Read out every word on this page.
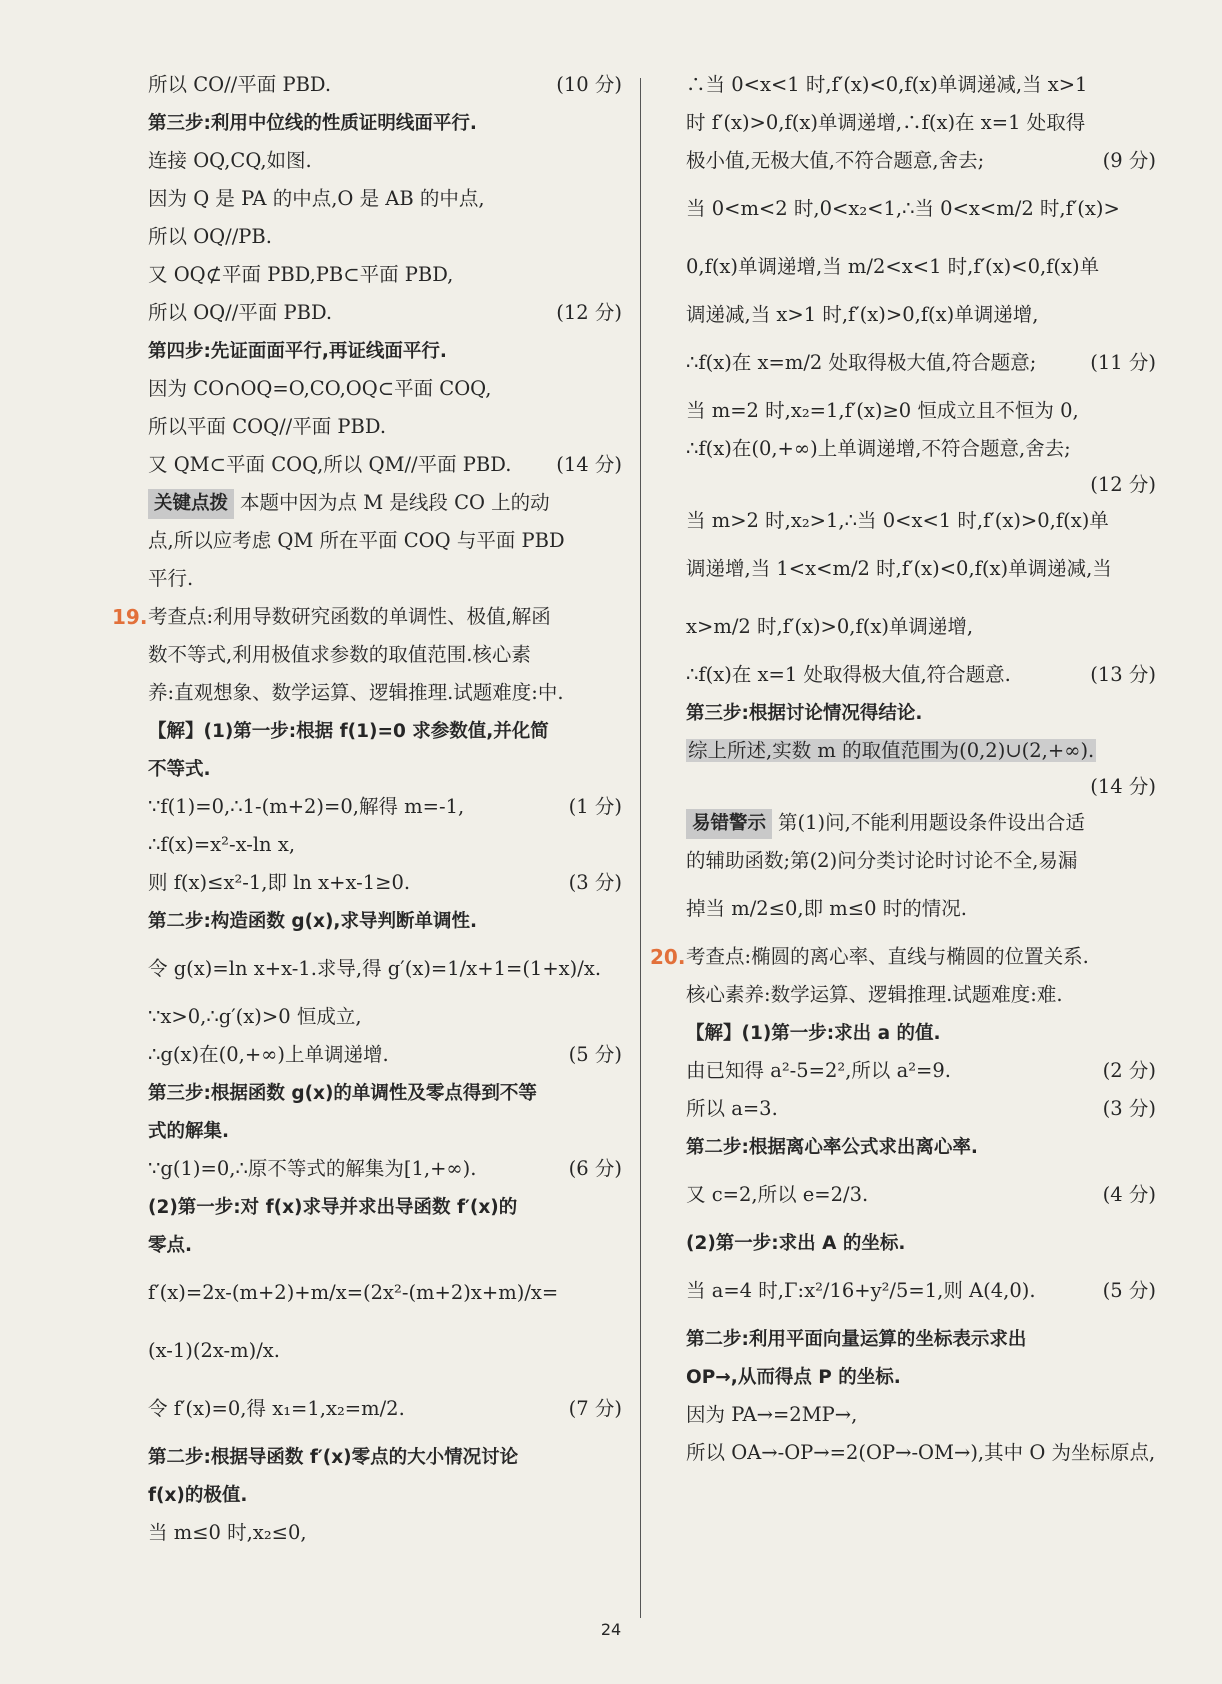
所以 CO//平面 PBD.	(10 分)
第三步:利用中位线的性质证明线面平行.
连接 OQ,CQ,如图.
因为 Q 是 PA 的中点,O 是 AB 的中点,
所以 OQ//PB.
又 OQ⊄平面 PBD,PB⊂平面 PBD,
所以 OQ//平面 PBD.	(12 分)
第四步:先证面面平行,再证线面平行.
因为 CO∩OQ=O,CO,OQ⊂平面 COQ,
所以平面 COQ//平面 PBD.
又 QM⊂平面 COQ,所以 QM//平面 PBD. (14 分)
关键点拨 本题中因为点 M 是线段 CO 上的动
点,所以应考虑 QM 所在平面 COQ 与平面 PBD
平行.
19. 考查点:利用导数研究函数的单调性、极值,解函
数不等式,利用极值求参数的取值范围.核心素
养:直观想象、数学运算、逻辑推理.试题难度:中.
【解】(1)第一步:根据 f(1)=0 求参数值,并化简
不等式.
∵f(1)=0,∴1-(m+2)=0,解得 m=-1,	(1 分)
∴f(x)=x²-x-ln x,
则 f(x)≤x²-1,即 ln x+x-1≥0.	(3 分)
第二步:构造函数 g(x),求导判断单调性.
令 g(x)=ln x+x-1.求导,得 g′(x)=1/x+1=(1+x)/x.
∵x>0,∴g′(x)>0 恒成立,
∴g(x)在(0,+∞)上单调递增.	(5 分)
第三步:根据函数 g(x)的单调性及零点得到不等
式的解集.
∵g(1)=0,∴原不等式的解集为[1,+∞).	(6 分)
(2)第一步:对 f(x)求导并求出导函数 f′(x)的
零点.
f′(x)=2x-(m+2)+m/x=(2x²-(m+2)x+m)/x=
(x-1)(2x-m)/x.
令 f′(x)=0,得 x₁=1,x₂=m/2.	(7 分)
第二步:根据导函数 f′(x)零点的大小情况讨论
f(x)的极值.
当 m≤0 时,x₂≤0,
∴当 0<x<1 时,f′(x)<0,f(x)单调递减,当 x>1
时 f′(x)>0,f(x)单调递增,∴f(x)在 x=1 处取得
极小值,无极大值,不符合题意,舍去;	(9 分)
当 0<m<2 时,0<x₂<1,∴当 0<x<m/2 时,f′(x)>
0,f(x)单调递增,当 m/2<x<1 时,f′(x)<0,f(x)单
调递减,当 x>1 时,f′(x)>0,f(x)单调递增,
∴f(x)在 x=m/2 处取得极大值,符合题意;	(11 分)
当 m=2 时,x₂=1,f′(x)≥0 恒成立且不恒为 0,
∴f(x)在(0,+∞)上单调递增,不符合题意,舍去;
(12 分)
当 m>2 时,x₂>1,∴当 0<x<1 时,f′(x)>0,f(x)单
调递增,当 1<x<m/2 时,f′(x)<0,f(x)单调递减,当
x>m/2 时,f′(x)>0,f(x)单调递增,
∴f(x)在 x=1 处取得极大值,符合题意.	(13 分)
第三步:根据讨论情况得结论.
综上所述,实数 m 的取值范围为(0,2)∪(2,+∞).
(14 分)
易错警示 第(1)问,不能利用题设条件设出合适
的辅助函数;第(2)问分类讨论时讨论不全,易漏
掉当 m/2≤0,即 m≤0 时的情况.
20. 考查点:椭圆的离心率、直线与椭圆的位置关系.
核心素养:数学运算、逻辑推理.试题难度:难.
【解】(1)第一步:求出 a 的值.
由已知得 a²-5=2²,所以 a²=9.	(2 分)
所以 a=3.	(3 分)
第二步:根据离心率公式求出离心率.
又 c=2,所以 e=2/3.	(4 分)
(2)第一步:求出 A 的坐标.
当 a=4 时,Γ:x²/16+y²/5=1,则 A(4,0).	(5 分)
第二步:利用平面向量运算的坐标表示求出
OP→,从而得点 P 的坐标.
因为 PA→=2MP→,
所以 OA→-OP→=2(OP→-OM→),其中 O 为坐标原点,
24
